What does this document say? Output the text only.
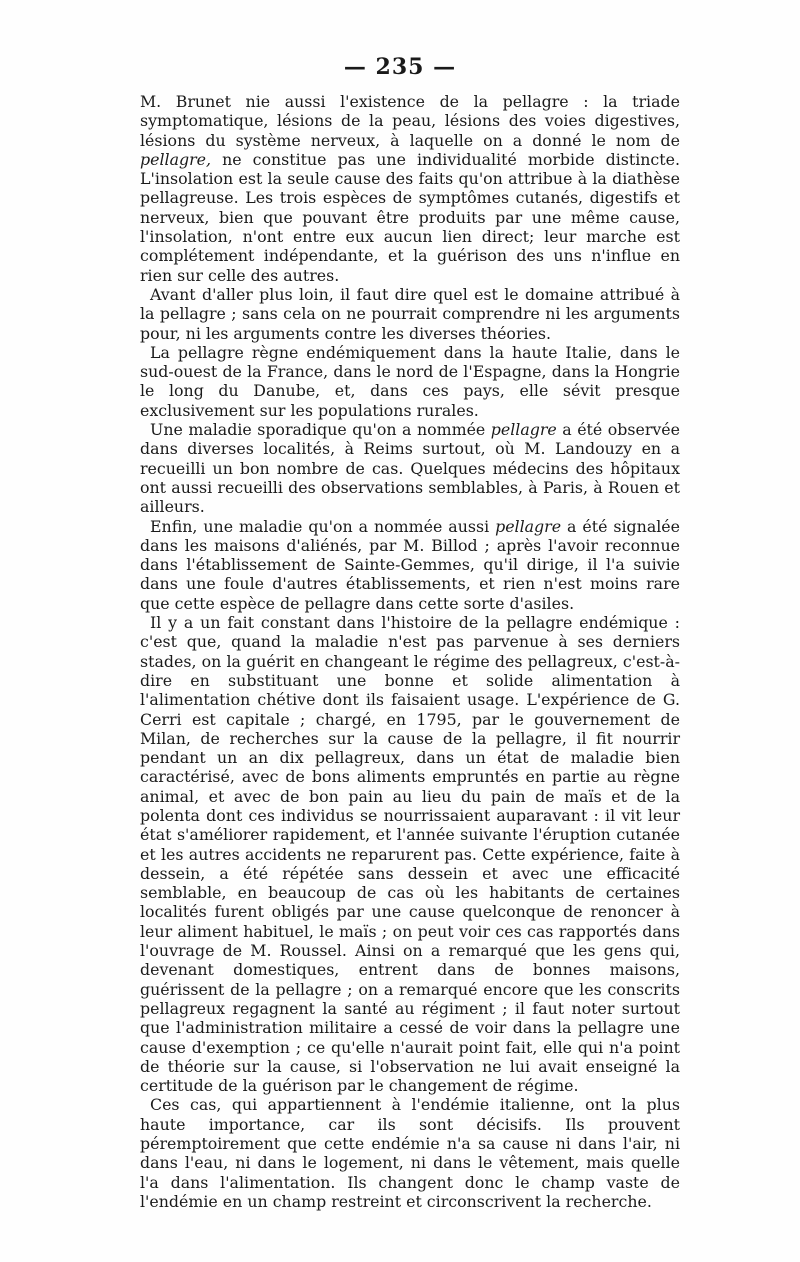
— 235 —

M. Brunet nie aussi l'existence de la pellagre : la triade symptomatique, lésions de la peau, lésions des voies digestives, lésions du système nerveux, à laquelle on a donné le nom de pellagre, ne constitue pas une individualité morbide distincte. L'insolation est la seule cause des faits qu'on attribue à la diathèse pellagreuse. Les trois espèces de symptômes cutanés, digestifs et nerveux, bien que pouvant être produits par une même cause, l'insolation, n'ont entre eux aucun lien direct; leur marche est complétement indépendante, et la guérison des uns n'influe en rien sur celle des autres.

Avant d'aller plus loin, il faut dire quel est le domaine attribué à la pellagre ; sans cela on ne pourrait comprendre ni les arguments pour, ni les arguments contre les diverses théories.

La pellagre règne endémiquement dans la haute Italie, dans le sud-ouest de la France, dans le nord de l'Espagne, dans la Hongrie le long du Danube, et, dans ces pays, elle sévit presque exclusivement sur les populations rurales.

Une maladie sporadique qu'on a nommée pellagre a été observée dans diverses localités, à Reims surtout, où M. Landouzy en a recueilli un bon nombre de cas. Quelques médecins des hôpitaux ont aussi recueilli des observations semblables, à Paris, à Rouen et ailleurs.

Enfin, une maladie qu'on a nommée aussi pellagre a été signalée dans les maisons d'aliénés, par M. Billod ; après l'avoir reconnue dans l'établissement de Sainte-Gemmes, qu'il dirige, il l'a suivie dans une foule d'autres établissements, et rien n'est moins rare que cette espèce de pellagre dans cette sorte d'asiles.

Il y a un fait constant dans l'histoire de la pellagre endémique : c'est que, quand la maladie n'est pas parvenue à ses derniers stades, on la guérit en changeant le régime des pellagreux, c'est-à-dire en substituant une bonne et solide alimentation à l'alimentation chétive dont ils faisaient usage. L'expérience de G. Cerri est capitale ; chargé, en 1795, par le gouvernement de Milan, de recherches sur la cause de la pellagre, il fit nourrir pendant un an dix pellagreux, dans un état de maladie bien caractérisé, avec de bons aliments empruntés en partie au règne animal, et avec de bon pain au lieu du pain de maïs et de la polenta dont ces individus se nourrissaient auparavant : il vit leur état s'améliorer rapidement, et l'année suivante l'éruption cutanée et les autres accidents ne reparurent pas. Cette expérience, faite à dessein, a été répétée sans dessein et avec une efficacité semblable, en beaucoup de cas où les habitants de certaines localités furent obligés par une cause quelconque de renoncer à leur aliment habituel, le maïs ; on peut voir ces cas rapportés dans l'ouvrage de M. Roussel. Ainsi on a remarqué que les gens qui, devenant domestiques, entrent dans de bonnes maisons, guérissent de la pellagre ; on a remarqué encore que les conscrits pellagreux regagnent la santé au régiment ; il faut noter surtout que l'administration militaire a cessé de voir dans la pellagre une cause d'exemption ; ce qu'elle n'aurait point fait, elle qui n'a point de théorie sur la cause, si l'observation ne lui avait enseigné la certitude de la guérison par le changement de régime.

Ces cas, qui appartiennent à l'endémie italienne, ont la plus haute importance, car ils sont décisifs. Ils prouvent péremptoirement que cette endémie n'a sa cause ni dans l'air, ni dans l'eau, ni dans le logement, ni dans le vêtement, mais quelle l'a dans l'alimentation. Ils changent donc le champ vaste de l'endémie en un champ restreint et circonscrivent la recherche.
